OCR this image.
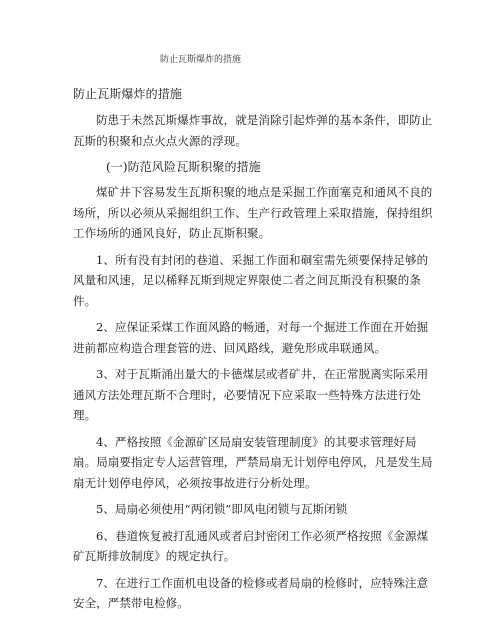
防止瓦斯爆炸的措施

防止瓦斯爆炸的措施

防患于未然瓦斯爆炸事故，就是消除引起炸弹的基本条件，即防止瓦斯的积聚和点火点火源的浮现。

(一)防范风险瓦斯积聚的措施

煤矿井下容易发生瓦斯积聚的地点是采掘工作面塞克和通风不良的场所，所以必须从采掘组织工作、生产行政管理上采取措施，保持组织工作场所的通风良好，防止瓦斯积聚。

1、所有没有封闭的巷道、采掘工作面和硐室需先须要保持足够的风量和风速，足以稀释瓦斯到规定界限使二者之间瓦斯没有积聚的条件。

2、应保证采煤工作面风路的畅通，对每一个掘进工作面在开始掘进前都应构造合理套管的进、回风路线，避免形成串联通风。

3、对于瓦斯涌出量大的卡德煤层或者矿井，在正常脱离实际采用通风方法处理瓦斯不合理时，必要情况下应采取一些特殊方法进行处理。

4、严格按照《金源矿区局扇安装管理制度》的其要求管理好局扇。局扇要指定专人运营管理，严禁局扇无计划停电停风，凡是发生局扇无计划停电停风，必须按事故进行分析处理。

5、局扇必须使用“两闭锁”即风电闭锁与瓦斯闭锁

6、巷道恢复被打乱通风或者启封密闭工作必须严格按照《金源煤矿瓦斯排放制度》的规定执行。

7、在进行工作面机电设备的检修或者局扇的检修时，应特殊注意安全，严禁带电检修。
